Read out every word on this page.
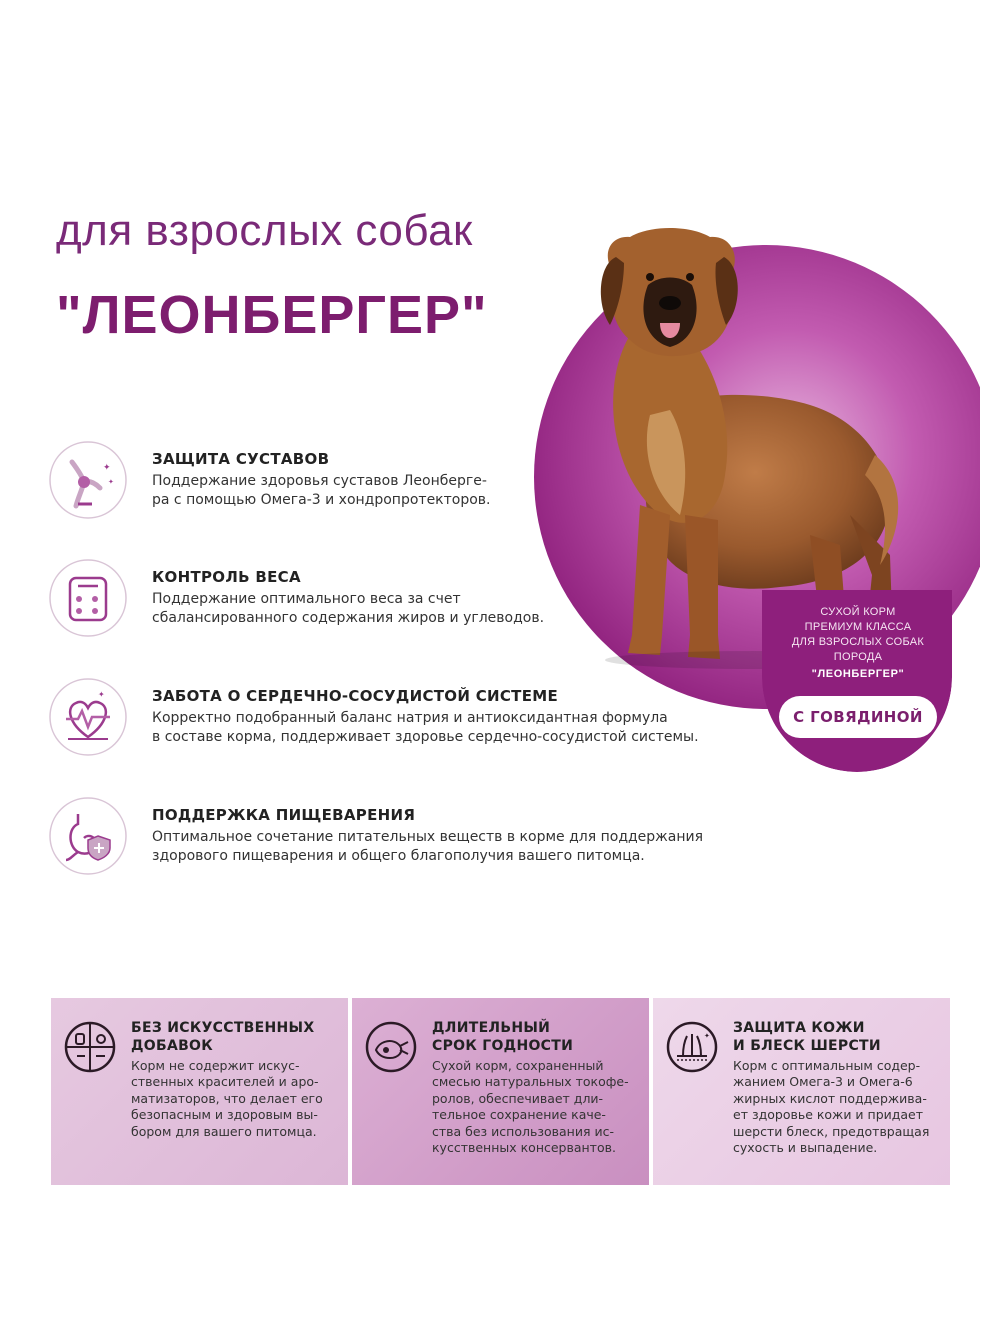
для взрослых собак
"ЛЕОНБЕРГЕР"
СУХОЙ КОРМ
ПРЕМИУМ КЛАССА
ДЛЯ ВЗРОСЛЫХ СОБАК
ПОРОДА
"ЛЕОНБЕРГЕР"
С ГОВЯДИНОЙ
✦
✦
ЗАЩИТА СУСТАВОВ
Поддержание здоровья суставов Леонберге-
ра с помощью Омега-3 и хондропротекторов.
КОНТРОЛЬ ВЕСА
Поддержание оптимального веса за счет
сбалансированного содержания жиров и углеводов.
✦	ЗАБОТА О СЕРДЕЧНО-СОСУДИСТОЙ СИСТЕМЕ
Корректно подобранный баланс натрия и антиоксидантная формула
в составе корма, поддерживает здоровье сердечно-сосудистой системы.
ПОДДЕРЖКА ПИЩЕВАРЕНИЯ
Оптимальное сочетание питательных веществ в корме для поддержания
здорового пищеварения и общего благополучия вашего питомца.
БЕЗ ИСКУССТВЕННЫХ
ДОБАВОК
Корм не содержит искус-
ственных красителей и аро-
матизаторов, что делает его
безопасным и здоровым вы-
бором для вашего питомца.
ДЛИТЕЛЬНЫЙ
СРОК ГОДНОСТИ
Сухой корм, сохраненный
смесью натуральных токофе-
ролов, обеспечивает дли-
тельное сохранение каче-
ства без использования ис-
кусственных консервантов.
✦ ЗАЩИТА КОЖИ
И БЛЕСК ШЕРСТИ
Корм с оптимальным содер-
жанием Омега-3 и Омега-6
жирных кислот поддержива-
ет здоровье кожи и придает
шерсти блеск, предотвращая
сухость и выпадение.
